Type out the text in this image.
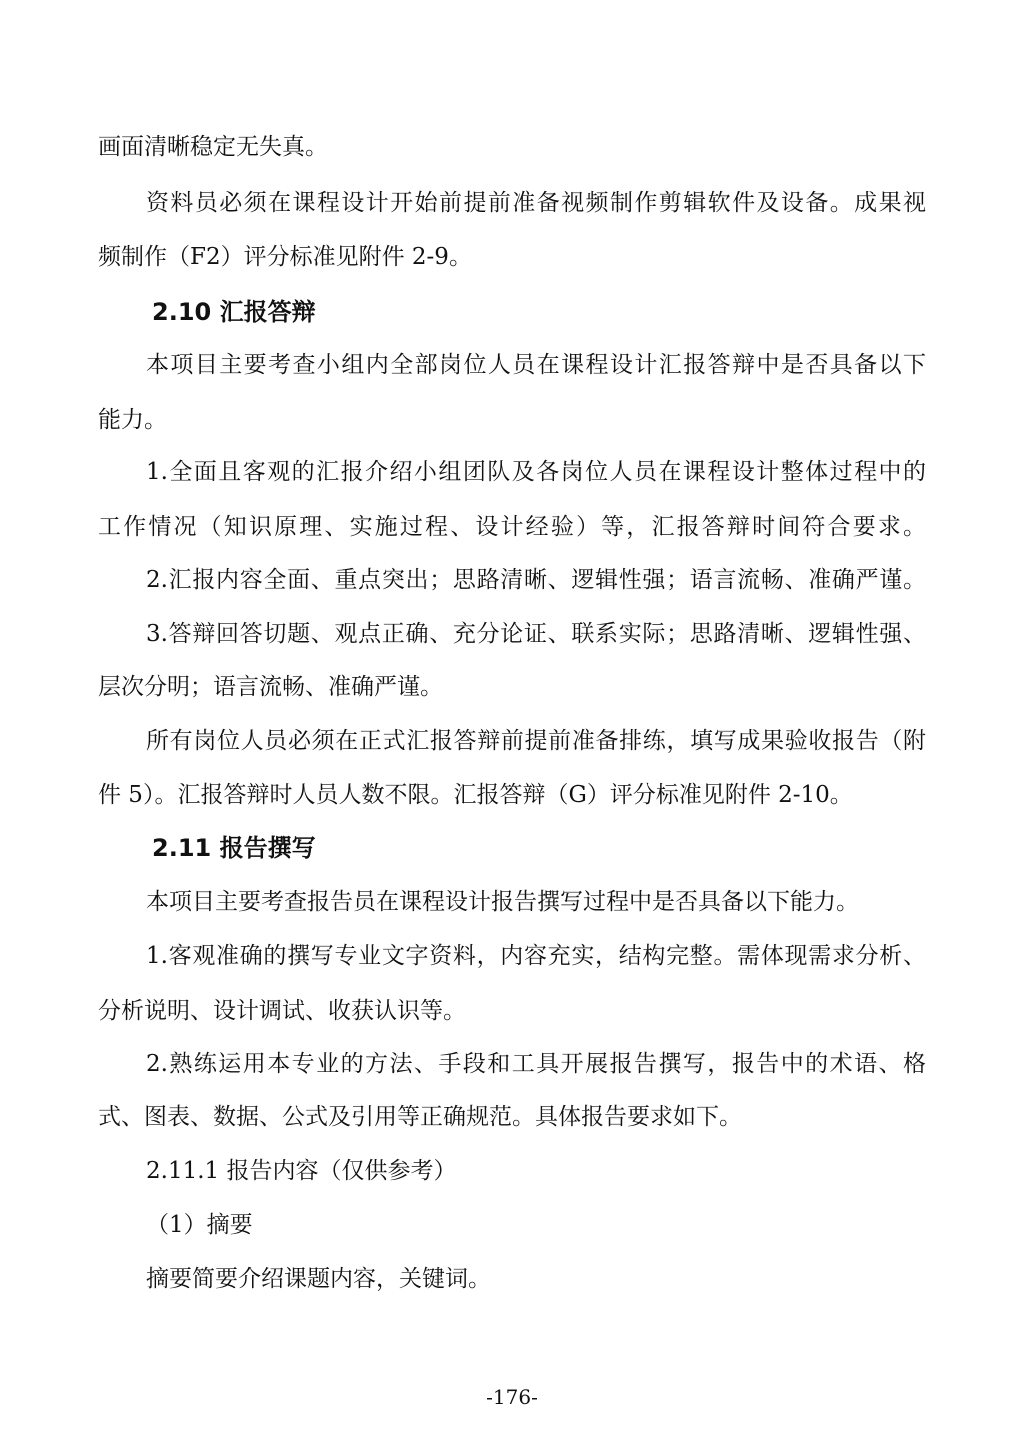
画面清晰稳定无失真。
资料员必须在课程设计开始前提前准备视频制作剪辑软件及设备。成果视
频制作（F2）评分标准见附件 2-9。
2.10 汇报答辩
本项目主要考查小组内全部岗位人员在课程设计汇报答辩中是否具备以下
能力。
1.全面且客观的汇报介绍小组团队及各岗位人员在课程设计整体过程中的
工作情况（知识原理、实施过程、设计经验）等，汇报答辩时间符合要求。
2.汇报内容全面、重点突出；思路清晰、逻辑性强；语言流畅、准确严谨。
3.答辩回答切题、观点正确、充分论证、联系实际；思路清晰、逻辑性强、
层次分明；语言流畅、准确严谨。
所有岗位人员必须在正式汇报答辩前提前准备排练，填写成果验收报告（附
件 5）。汇报答辩时人员人数不限。汇报答辩（G）评分标准见附件 2-10。
2.11 报告撰写
本项目主要考查报告员在课程设计报告撰写过程中是否具备以下能力。
1.客观准确的撰写专业文字资料，内容充实，结构完整。需体现需求分析、
分析说明、设计调试、收获认识等。
2.熟练运用本专业的方法、手段和工具开展报告撰写，报告中的术语、格
式、图表、数据、公式及引用等正确规范。具体报告要求如下。
2.11.1 报告内容（仅供参考）
（1）摘要
摘要简要介绍课题内容，关键词。
-176-
